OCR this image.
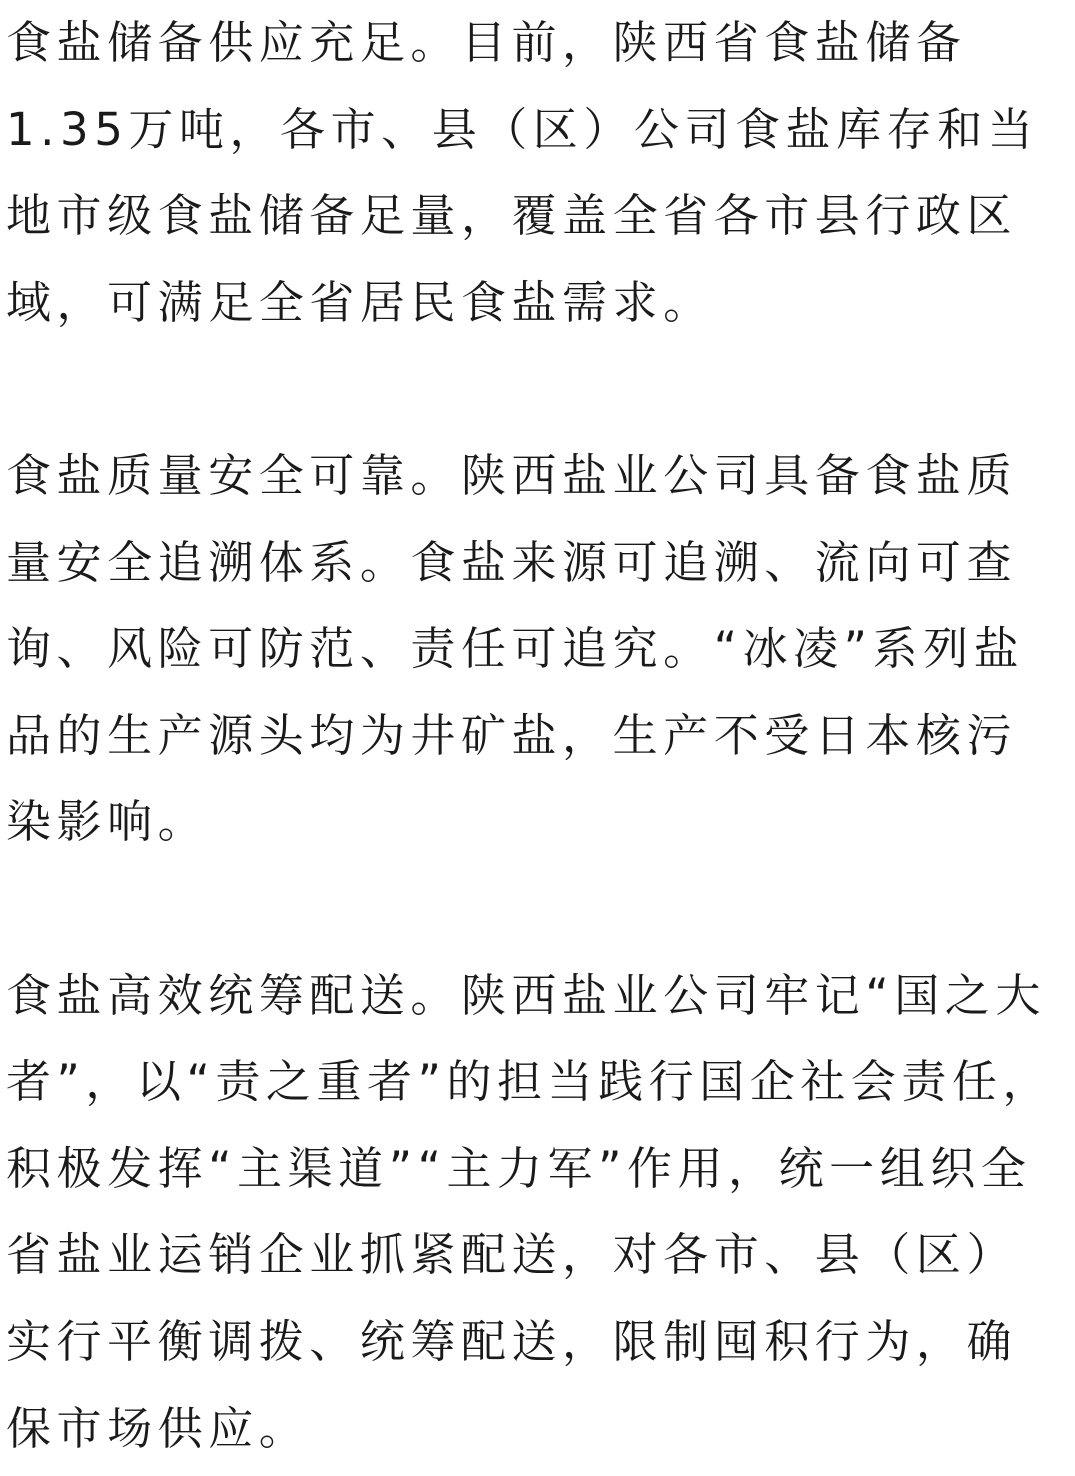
食盐储备供应充足。目前，陕西省食盐储备
1.35万吨，各市、县（区）公司食盐库存和当
地市级食盐储备足量，覆盖全省各市县行政区
域，可满足全省居民食盐需求。

食盐质量安全可靠。陕西盐业公司具备食盐质
量安全追溯体系。食盐来源可追溯、流向可查
询、风险可防范、责任可追究。“冰凌”系列盐
品的生产源头均为井矿盐，生产不受日本核污
染影响。

食盐高效统筹配送。陕西盐业公司牢记“国之大
者”，以“责之重者”的担当践行国企社会责任，
积极发挥“主渠道”“主力军”作用，统一组织全
省盐业运销企业抓紧配送，对各市、县（区）
实行平衡调拨、统筹配送，限制囤积行为，确
保市场供应。
